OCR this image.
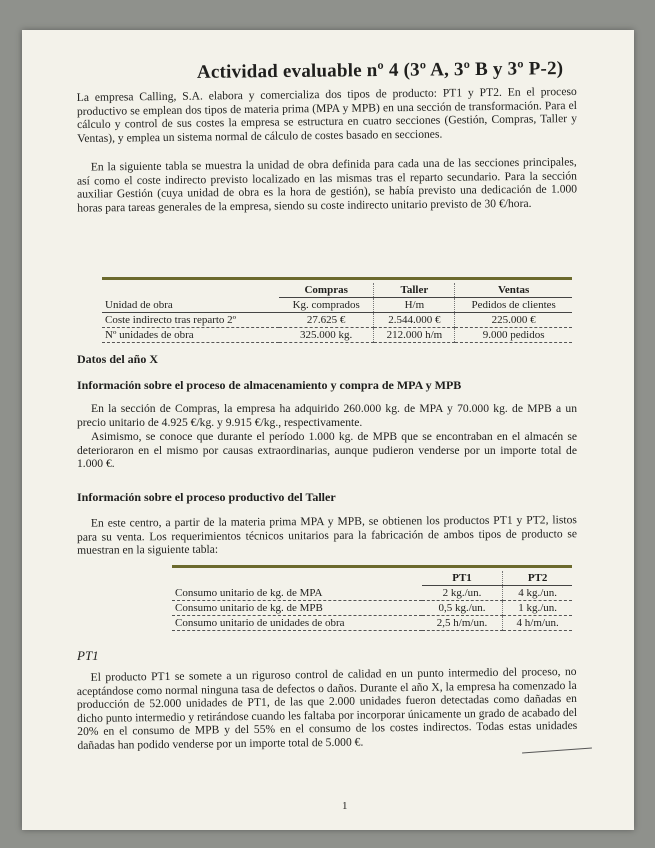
Actividad evaluable nº 4 (3º A, 3º B y 3º P-2)

La empresa Calling, S.A. elabora y comercializa dos tipos de producto: PT1 y PT2. En el proceso productivo se emplean dos tipos de materia prima (MPA y MPB) en una sección de transformación. Para el cálculo y control de sus costes la empresa se estructura en cuatro secciones (Gestión, Compras, Taller y Ventas), y emplea un sistema normal de cálculo de costes basado en secciones.

En la siguiente tabla se muestra la unidad de obra definida para cada una de las secciones principales, así como el coste indirecto previsto localizado en las mismas tras el reparto secundario. Para la sección auxiliar Gestión (cuya unidad de obra es la hora de gestión), se había previsto una dedicación de 1.000 horas para tareas generales de la empresa, siendo su coste indirecto unitario previsto de 30 €/hora.

	Compras	Taller	Ventas
Unidad de obra	Kg. comprados	H/m	Pedidos de clientes
Coste indirecto tras reparto 2º	27.625 €	2.544.000 €	225.000 €
Nº unidades de obra	325.000 kg.	212.000 h/m	9.000 pedidos

Datos del año X

Información sobre el proceso de almacenamiento y compra de MPA y MPB

En la sección de Compras, la empresa ha adquirido 260.000 kg. de MPA y 70.000 kg. de MPB a un precio unitario de 4.925 €/kg. y 9.915 €/kg., respectivamente.

Asimismo, se conoce que durante el período 1.000 kg. de MPB que se encontraban en el almacén se deterioraron en el mismo por causas extraordinarias, aunque pudieron venderse por un importe total de 1.000 €.

Información sobre el proceso productivo del Taller

En este centro, a partir de la materia prima MPA y MPB, se obtienen los productos PT1 y PT2, listos para su venta. Los requerimientos técnicos unitarios para la fabricación de ambos tipos de producto se muestran en la siguiente tabla:

	PT1	PT2
Consumo unitario de kg. de MPA	2 kg./un.	4 kg./un.
Consumo unitario de kg. de MPB	0,5 kg./un.	1 kg./un.
Consumo unitario de unidades de obra	2,5 h/m/un.	4 h/m/un.

PT1

El producto PT1 se somete a un riguroso control de calidad en un punto intermedio del proceso, no aceptándose como normal ninguna tasa de defectos o daños. Durante el año X, la empresa ha comenzado la producción de 52.000 unidades de PT1, de las que 2.000 unidades fueron detectadas como dañadas en dicho punto intermedio y retirándose cuando les faltaba por incorporar únicamente un grado de acabado del 20% en el consumo de MPB y del 55% en el consumo de los costes indirectos. Todas estas unidades dañadas han podido venderse por un importe total de 5.000 €.

1
